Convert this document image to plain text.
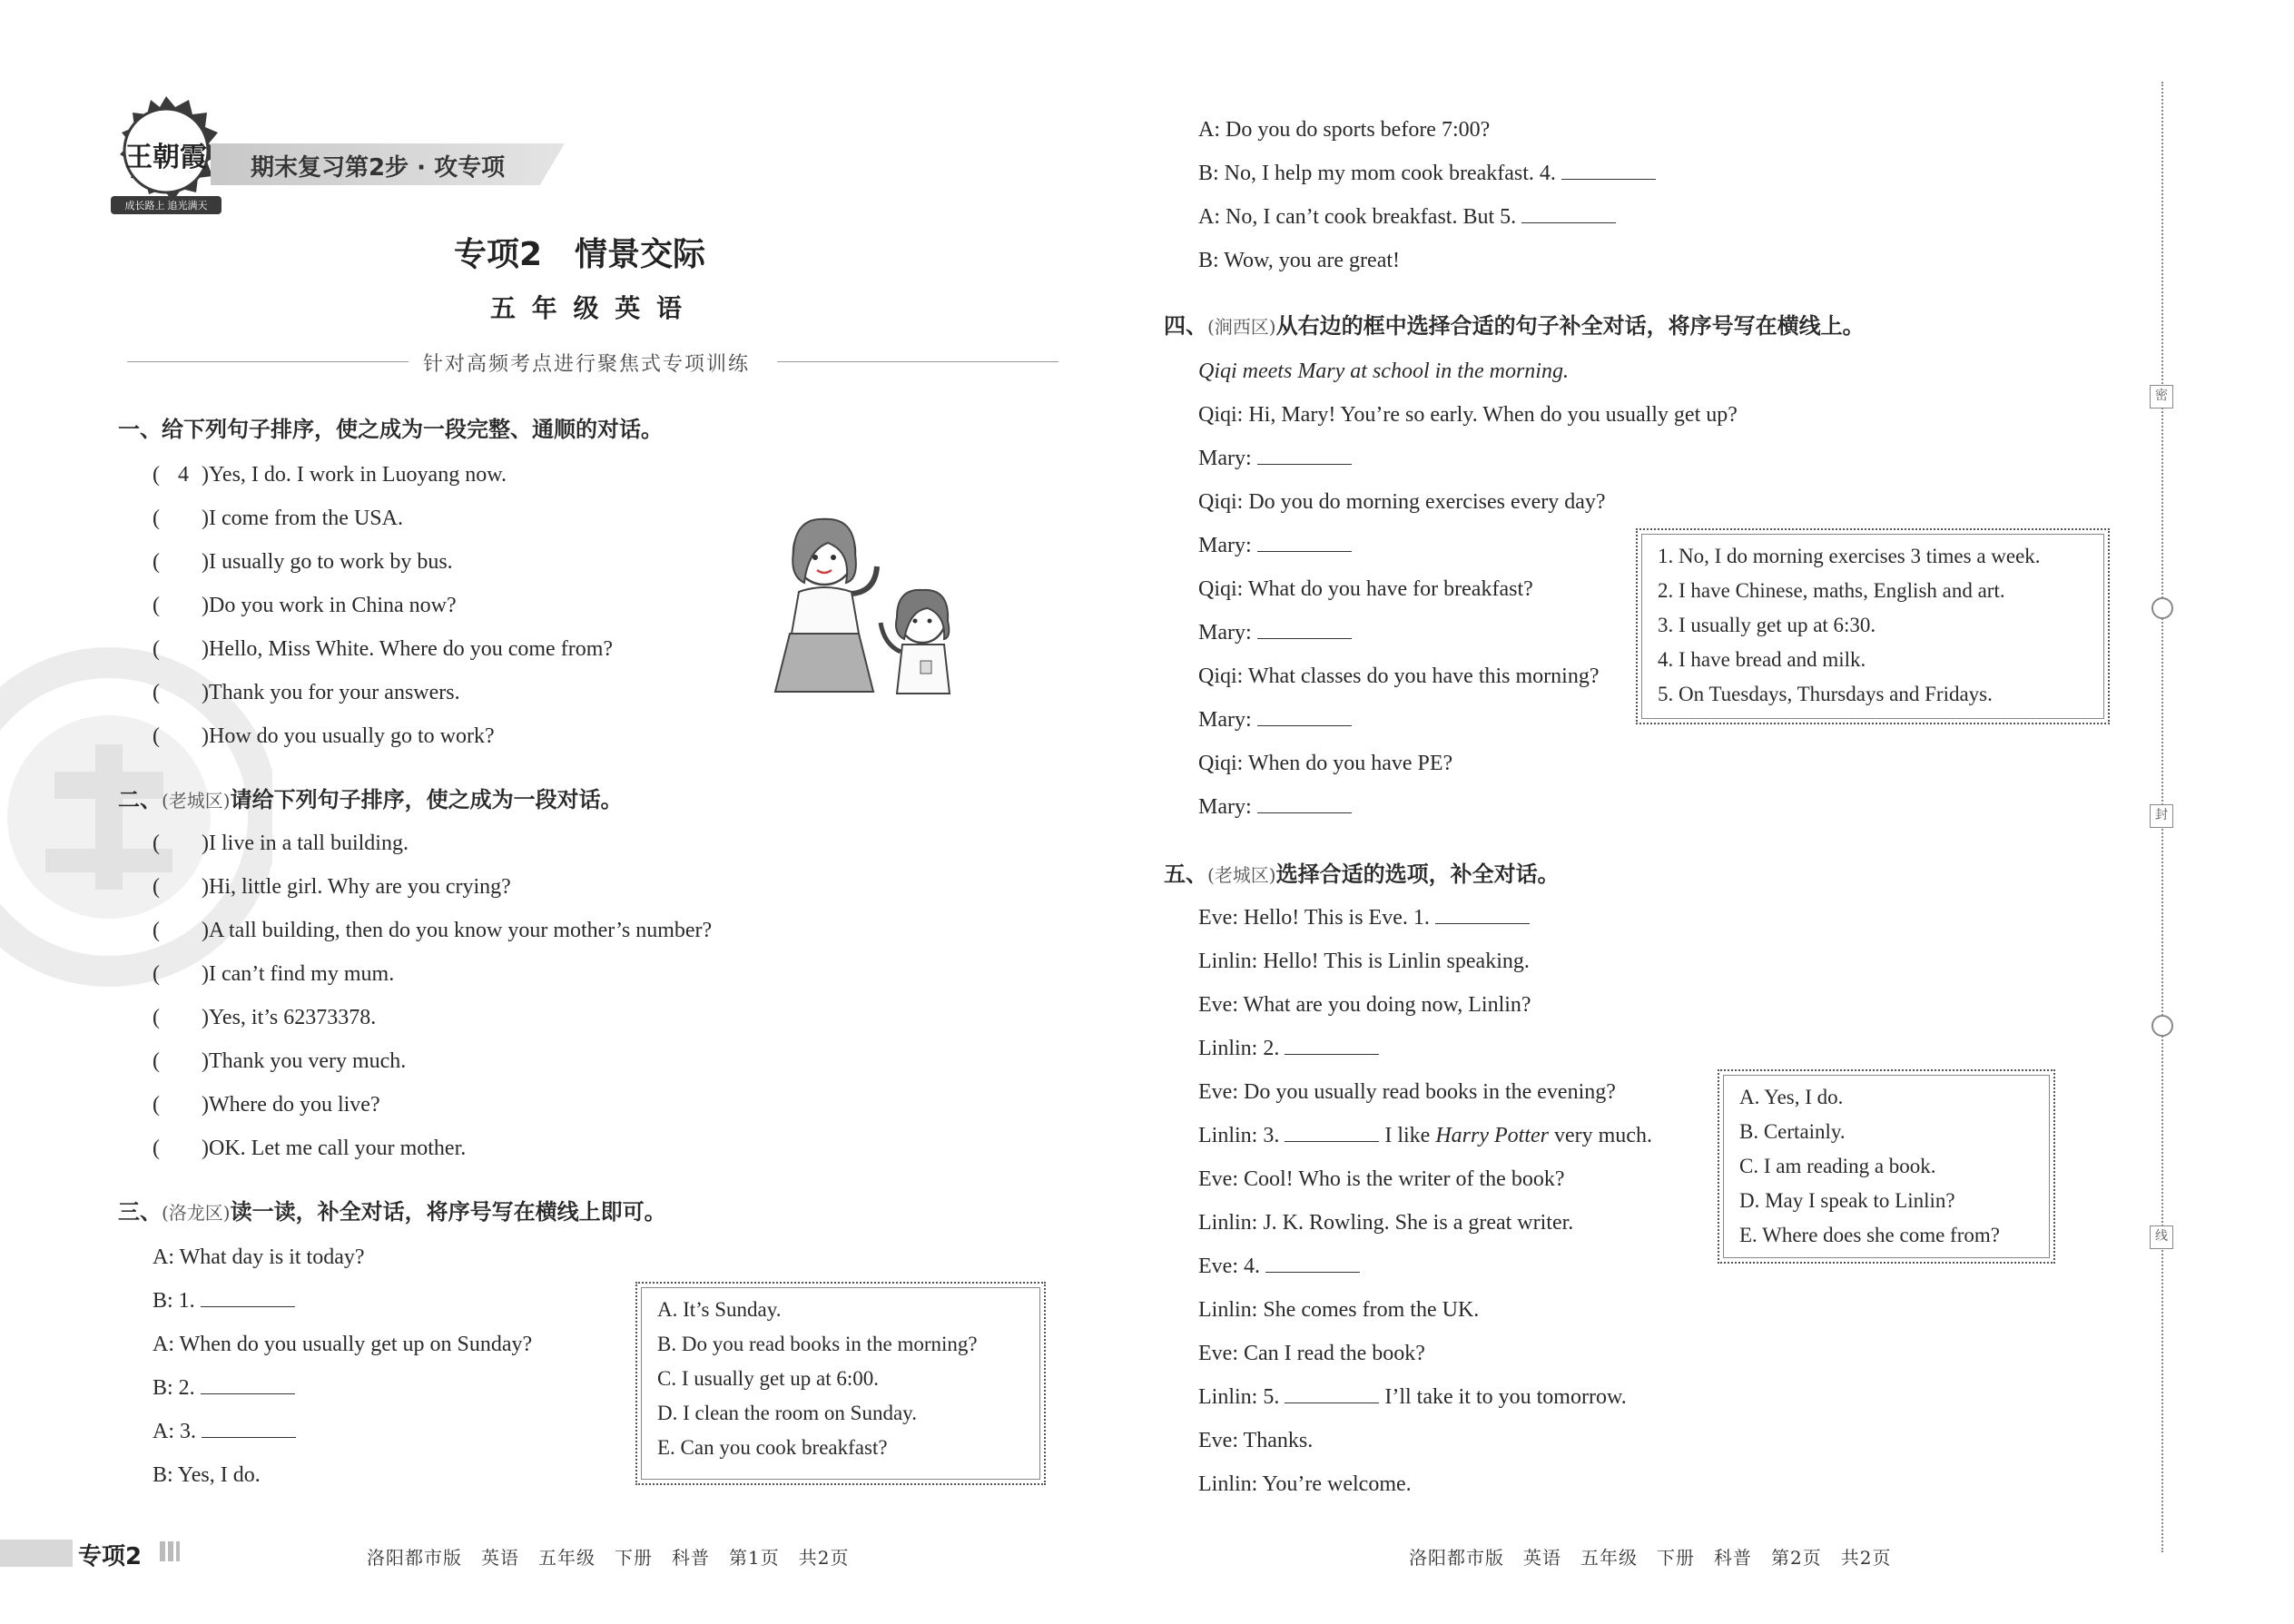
王朝霞
成长路上 追光满天
期末复习第2步 · 攻专项
专项2　情景交际
五 年 级 英 语
针对高频考点进行聚焦式专项训练
一、给下列句子排序，使之成为一段完整、通顺的对话。
( 4 )Yes, I do. I work in Luoyang now.
( )I come from the USA.
( )I usually go to work by bus.
( )Do you work in China now?
( )Hello, Miss White. Where do you come from?
( )Thank you for your answers.
( )How do you usually go to work?
二、(老城区)请给下列句子排序，使之成为一段对话。
( )I live in a tall building.
( )Hi, little girl. Why are you crying?
( )A tall building, then do you know your mother’s number?
( )I can’t find my mum.
( )Yes, it’s 62373378.
( )Thank you very much.
( )Where do you live?
( )OK. Let me call your mother.
三、(洛龙区)读一读，补全对话，将序号写在横线上即可。
A: What day is it today?
B: 1.
A: When do you usually get up on Sunday?
B: 2.
A: 3.
B: Yes, I do.
A. It’s Sunday.
B. Do you read books in the morning?
C. I usually get up at 6:00.
D. I clean the room on Sunday.
E. Can you cook breakfast?
A: Do you do sports before 7:00?
B: No, I help my mom cook breakfast. 4.
A: No, I can’t cook breakfast. But 5.
B: Wow, you are great!
四、(涧西区)从右边的框中选择合适的句子补全对话，将序号写在横线上。
Qiqi meets Mary at school in the morning.
Qiqi: Hi, Mary! You’re so early. When do you usually get up?
Mary:
Qiqi: Do you do morning exercises every day?
Mary:
Qiqi: What do you have for breakfast?
Mary:
Qiqi: What classes do you have this morning?
Mary:
Qiqi: When do you have PE?
Mary:
1. No, I do morning exercises 3 times a week.
2. I have Chinese, maths, English and art.
3. I usually get up at 6:30.
4. I have bread and milk.
5. On Tuesdays, Thursdays and Fridays.
五、(老城区)选择合适的选项，补全对话。
Eve: Hello! This is Eve. 1.
Linlin: Hello! This is Linlin speaking.
Eve: What are you doing now, Linlin?
Linlin: 2.
Eve: Do you usually read books in the evening?
Linlin: 3.	I like Harry Potter very much.
Eve: Cool! Who is the writer of the book?
Linlin: J. K. Rowling. She is a great writer.
Eve: 4.
Linlin: She comes from the UK.
Eve: Can I read the book?
Linlin: 5.	I’ll take it to you tomorrow.
Eve: Thanks.
Linlin: You’re welcome.
A. Yes, I do.
B. Certainly.
C. I am reading a book.
D. May I speak to Linlin?
E. Where does she come from?
密
封
线
专项2	洛阳都市版　英语　五年级　下册　科普　第1页　共2页	洛阳都市版　英语　五年级　下册　科普　第2页　共2页
